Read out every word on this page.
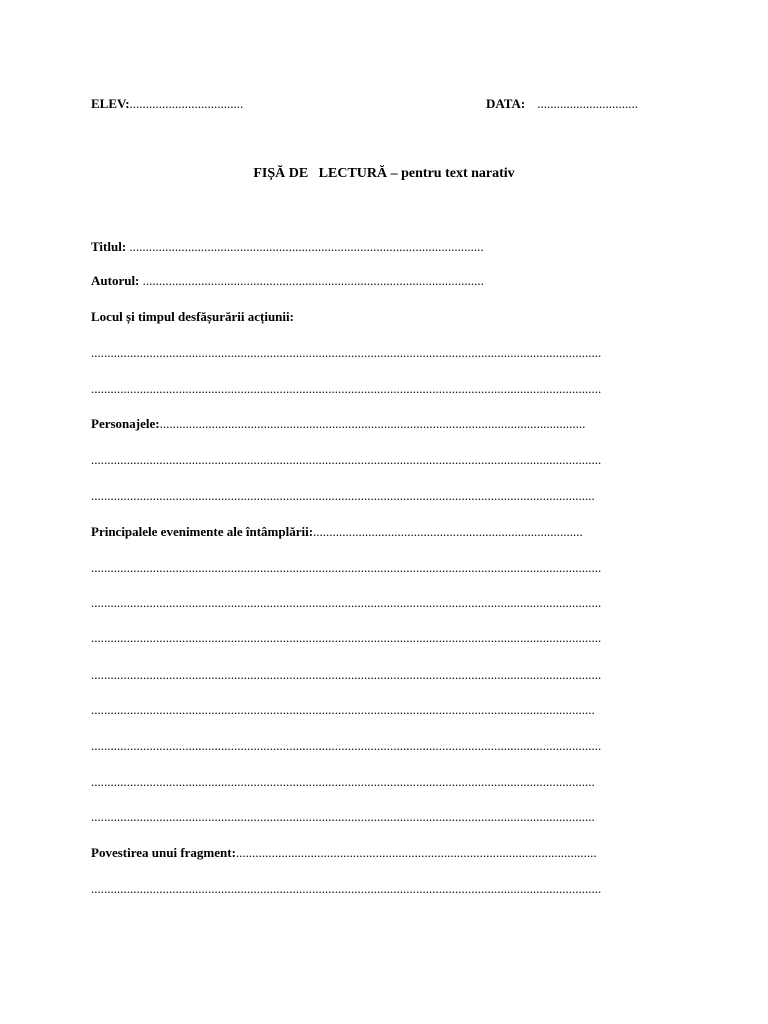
ELEV:...................................	DATA: ...............................
FIȘĂ DE   LECTURĂ – pentru text narativ
Titlul: .............................................................................................................
Autorul: .........................................................................................................
Locul și timpul desfășurării acțiunii:
.............................................................................................................................................................
.............................................................................................................................................................
Personajele:...................................................................................................................................
.............................................................................................................................................................
...........................................................................................................................................................
Principalele evenimente ale întâmplării:...................................................................................
.............................................................................................................................................................
.............................................................................................................................................................
.............................................................................................................................................................
.............................................................................................................................................................
...........................................................................................................................................................
.............................................................................................................................................................
...........................................................................................................................................................
...........................................................................................................................................................
Povestirea unui fragment:...............................................................................................................
.............................................................................................................................................................
